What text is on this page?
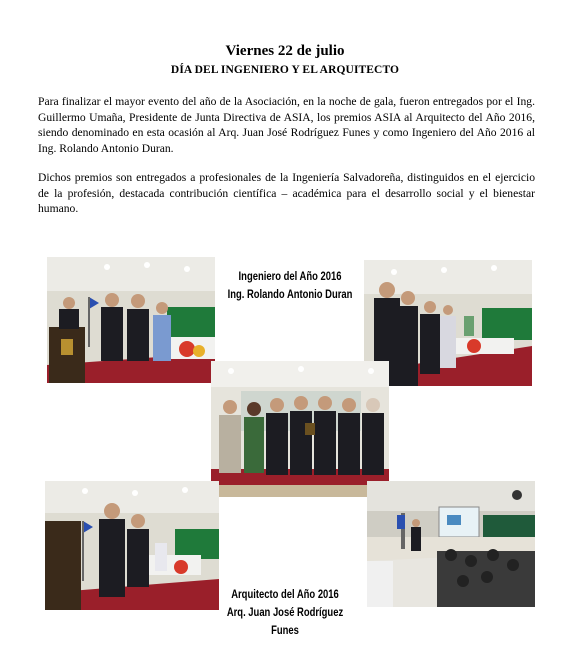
Viernes 22 de julio
DÍA DEL INGENIERO Y EL ARQUITECTO

Para finalizar el mayor evento del año de la Asociación, en la noche de gala, fueron entregados por el Ing. Guillermo Umaña, Presidente de Junta Directiva de ASIA, los premios ASIA al Arquitecto del Año 2016, siendo denominado en esta ocasión al Arq. Juan José Rodríguez Funes y como Ingeniero del Año 2016 al Ing. Rolando Antonio Duran.

Dichos premios son entregados a profesionales de la Ingeniería Salvadoreña, distinguidos en el ejercicio de la profesión, destacada contribución científica – académica para el desarrollo social y el bienestar humano.

Ingeniero del Año 2016
Ing. Rolando Antonio Duran
Arquitecto del Año 2016
Arq. Juan José Rodríguez Funes
